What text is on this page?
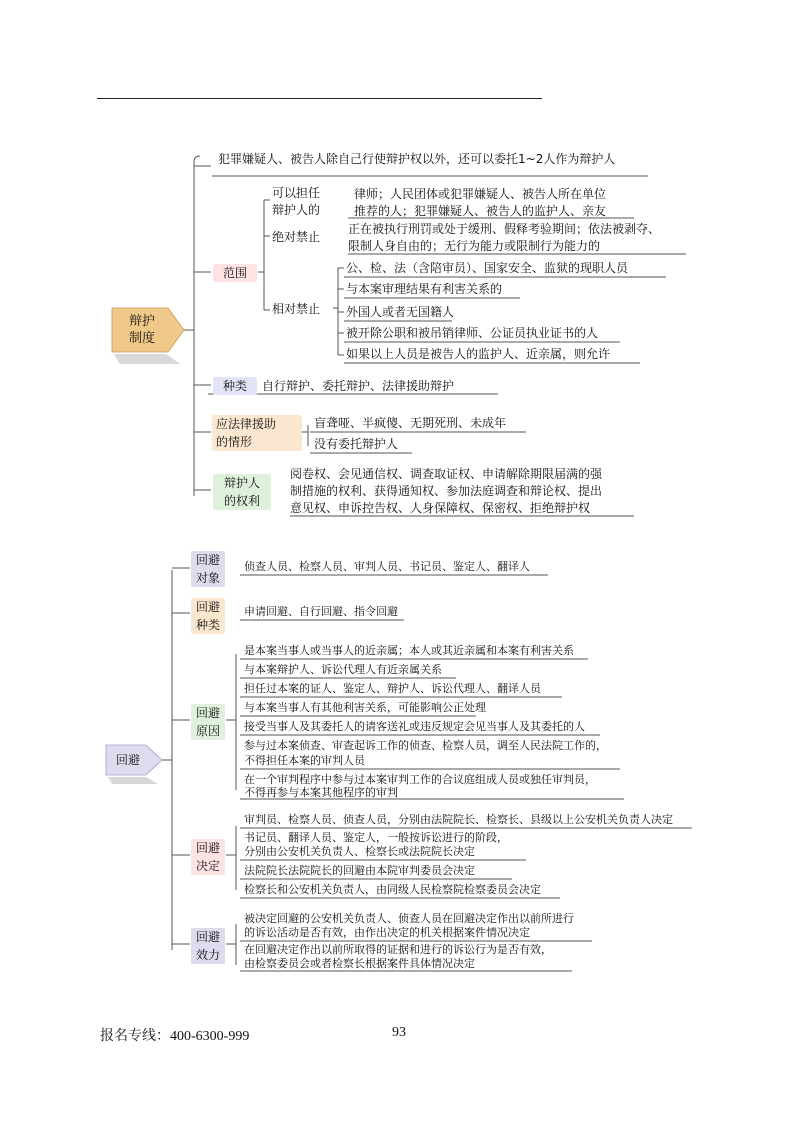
辩护
制度
犯罪嫌疑人、被告人除自己行使辩护权以外，还可以委托1~2人作为辩护人
范围
可以担任
辩护人的
律师；人民团体或犯罪嫌疑人、被告人所在单位
推荐的人；犯罪嫌疑人、被告人的监护人、亲友
绝对禁止
正在被执行刑罚或处于缓刑、假释考验期间；依法被剥夺、
限制人身自由的；无行为能力或限制行为能力的
相对禁止
公、检、法（含陪审员）、国家安全、监狱的现职人员
与本案审理结果有利害关系的
外国人或者无国籍人
被开除公职和被吊销律师、公证员执业证书的人
如果以上人员是被告人的监护人、近亲属，则允许
种类	自行辩护、委托辩护、法律援助辩护
应法律援助
的情形
盲聋哑、半疯傻、无期死刑、未成年
没有委托辩护人
辩护人
的权利
阅卷权、会见通信权、调查取证权、申请解除期限届满的强
制措施的权利、获得通知权、参加法庭调查和辩论权、提出
意见权、申诉控告权、人身保障权、保密权、拒绝辩护权
回避
回避
对象
侦查人员、检察人员、审判人员、书记员、鉴定人、翻译人
回避
种类
申请回避、自行回避、指令回避
回避
原因
是本案当事人或当事人的近亲属；本人或其近亲属和本案有利害关系
与本案辩护人、诉讼代理人有近亲属关系
担任过本案的证人、鉴定人、辩护人、诉讼代理人、翻译人员
与本案当事人有其他利害关系，可能影响公正处理
接受当事人及其委托人的请客送礼或违反规定会见当事人及其委托的人
参与过本案侦查、审查起诉工作的侦查、检察人员，调至人民法院工作的，
不得担任本案的审判人员
在一个审判程序中参与过本案审判工作的合议庭组成人员或独任审判员，
不得再参与本案其他程序的审判
回避
决定
审判员、检察人员、侦查人员，分别由法院院长、检察长、县级以上公安机关负责人决定
书记员、翻译人员、鉴定人，一般按诉讼进行的阶段，
分别由公安机关负责人、检察长或法院院长决定
法院院长法院院长的回避由本院审判委员会决定
检察长和公安机关负责人，由同级人民检察院检察委员会决定
回避
效力
被决定回避的公安机关负责人、侦查人员在回避决定作出以前所进行
的诉讼活动是否有效，由作出决定的机关根据案件情况决定
在回避决定作出以前所取得的证据和进行的诉讼行为是否有效，
由检察委员会或者检察长根据案件具体情况决定
报名专线：400-6300-999	93
